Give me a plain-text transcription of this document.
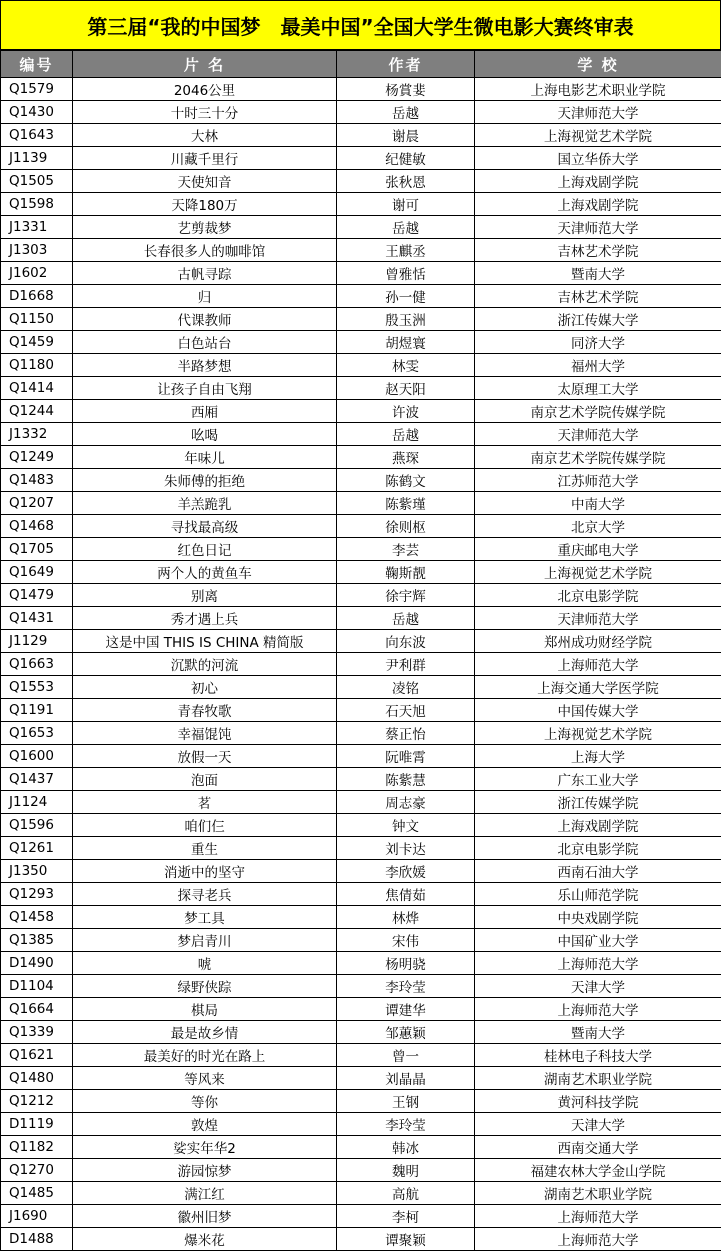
第三届“我的中国梦　最美中国”全国大学生微电影大赛终审表
编号	片 名	作者	学 校
Q1579	2046公里	杨賞婓	上海电影艺术职业学院
Q1430	十时三十分	岳越	天津师范大学
Q1643	大林	谢晨	上海视觉艺术学院
J1139	川藏千里行	纪健敏	国立华侨大学
Q1505	天使知音	张秋恩	上海戏剧学院
Q1598	天降180万	谢可	上海戏剧学院
J1331	艺剪裁梦	岳越	天津师范大学
J1303	长春很多人的咖啡馆	王麒丞	吉林艺术学院
J1602	古帆寻踪	曾雅恬	暨南大学
D1668	归	孙一健	吉林艺术学院
Q1150	代课教师	殷玉洲	浙江传媒大学
Q1459	白色站台	胡煜寰	同济大学
Q1180	半路梦想	林雯	福州大学
Q1414	让孩子自由飞翔	赵天阳	太原理工大学
Q1244	西厢	许波	南京艺术学院传媒学院
J1332	吆喝	岳越	天津师范大学
Q1249	年味儿	燕琛	南京艺术学院传媒学院
Q1483	朱师傅的拒绝	陈鹤文	江苏师范大学
Q1207	羊羔跪乳	陈紫瑾	中南大学
Q1468	寻找最高级	徐则枢	北京大学
Q1705	红色日记	李芸	重庆邮电大学
Q1649	两个人的黄鱼车	鞠斯靓	上海视觉艺术学院
Q1479	别离	徐宇辉	北京电影学院
Q1431	秀才遇上兵	岳越	天津师范大学
J1129	这是中国 THIS IS CHINA 精简版	向东波	郑州成功财经学院
Q1663	沉默的河流	尹利群	上海师范大学
Q1553	初心	凌铭	上海交通大学医学院
Q1191	青春牧歌	石天旭	中国传媒大学
Q1653	幸福馄饨	蔡正怡	上海视觉艺术学院
Q1600	放假一天	阮唯霄	上海大学
Q1437	泡面	陈紫慧	广东工业大学
J1124	茗	周志豪	浙江传媒学院
Q1596	咱们仨	钟文	上海戏剧学院
Q1261	重生	刘卡达	北京电影学院
J1350	消逝中的坚守	李欣媛	西南石油大学
Q1293	探寻老兵	焦倩茹	乐山师范学院
Q1458	梦工具	林烨	中央戏剧学院
Q1385	梦启青川	宋伟	中国矿业大学
D1490	唬	杨明骁	上海师范大学
D1104	绿野侠踪	李玲莹	天津大学
Q1664	棋局	谭建华	上海师范大学
Q1339	最是故乡情	邹蕙颖	暨南大学
Q1621	最美好的时光在路上	曾一	桂林电子科技大学
Q1480	等风来	刘晶晶	湖南艺术职业学院
Q1212	等你	王钢	黄河科技学院
D1119	敦煌	李玲莹	天津大学
Q1182	娑实年华2	韩冰	西南交通大学
Q1270	游园惊梦	魏明	福建农林大学金山学院
Q1485	满江红	高航	湖南艺术职业学院
J1690	徽州旧梦	李柯	上海师范大学
D1488	爆米花	谭聚颖	上海师范大学
